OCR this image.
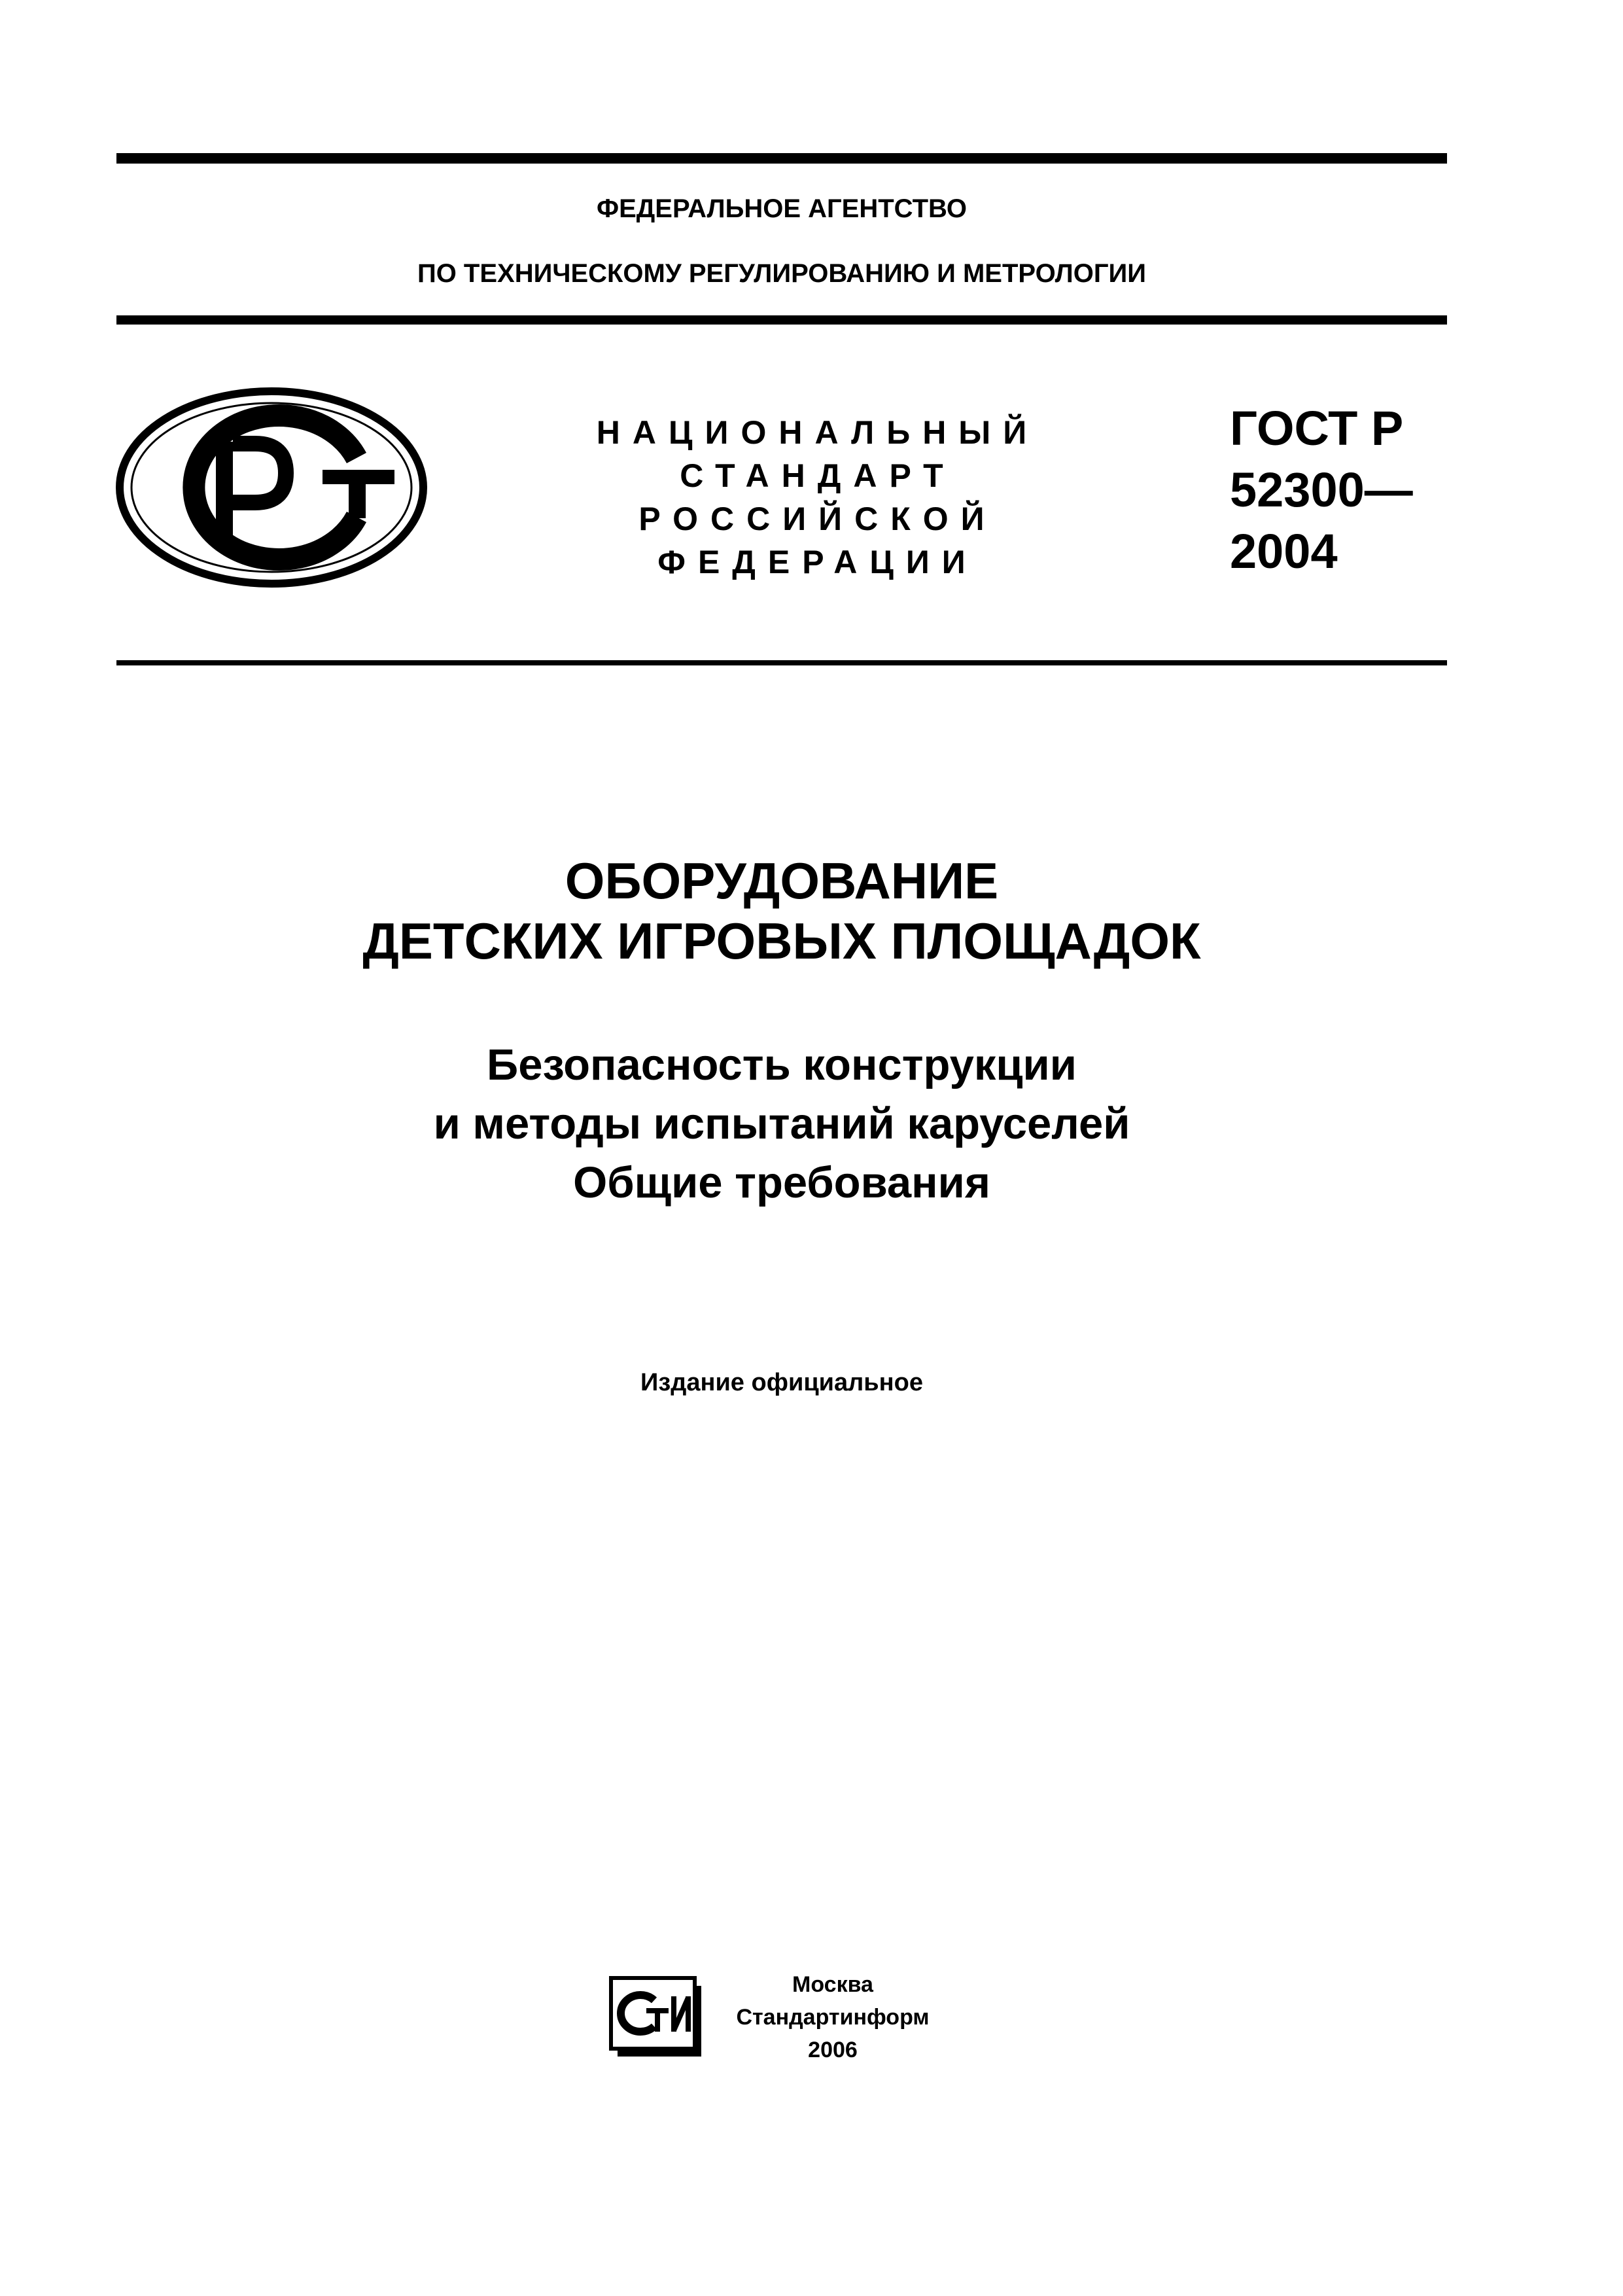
ФЕДЕРАЛЬНОЕ АГЕНТСТВО
ПО ТЕХНИЧЕСКОМУ РЕГУЛИРОВАНИЮ И МЕТРОЛОГИИ
НАЦИОНАЛЬНЫЙ
СТАНДАРТ
РОССИЙСКОЙ
ФЕДЕРАЦИИ
ГОСТ Р
52300—
2004
ОБОРУДОВАНИЕ
ДЕТСКИХ ИГРОВЫХ ПЛОЩАДОК
Безопасность конструкции
и методы испытаний каруселей
Общие требования
Издание официальное
Москва
Стандартинформ
2006
